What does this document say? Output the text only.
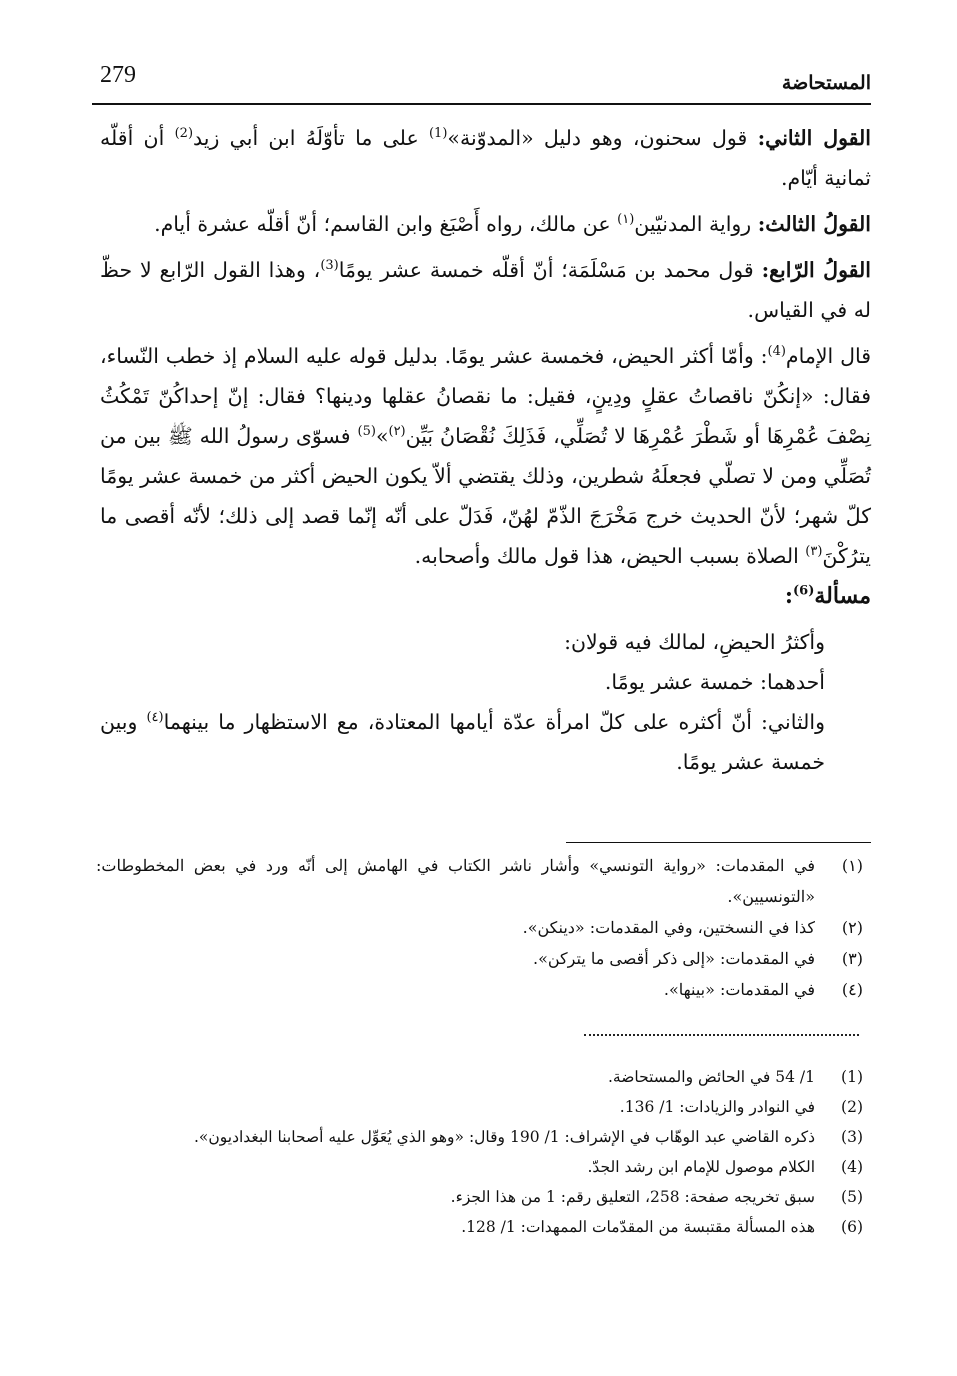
279	المستحاضة

القول الثاني: قول سحنون، وهو دليل «المدوّنة»$^{(1)}$ على ما تأوّلَهُ ابن أبي زيد$^{(2)}$ أن أقلّه ثمانية أيّام.

القولُ الثالث: رواية المدنيّين$^{(١)}$ عن مالك، رواه أَصْبَغ وابن القاسم؛ أنّ أقلّه عشرة أيام.

القولُ الرّابع: قول محمد بن مَسْلَمَة؛ أنّ أقلّه خمسة عشر يومًا$^{(3)}$، وهذا القول الرّابع لا حظّ له في القياس.

قال الإمام$^{(4)}$: وأمّا أكثر الحيض، فخمسة عشر يومًا. بدليل قوله عليه السلام إذ خطب النّساء، فقال: «إنكُنّ ناقصاتُ عقلٍ ودِينٍ، فقيل: ما نقصانُ عقلها ودينها؟ فقال: إنّ إحداكُنّ تَمْكُثُ نِصْفَ عُمْرِهَا أو شَطْرَ عُمْرِهَا لا تُصَلِّي، فَذَلِكَ نُقْصَانُ بَيِّن$^{(٢)}$»$^{(5)}$ فسوّى رسولُ الله ﷺ بين من تُصَلِّي ومن لا تصلّي فجعلَهُ شطرين، وذلك يقتضي ألاّ يكون الحيض أكثر من خمسة عشر يومًا كلّ شهر؛ لأنّ الحديث خرج مَخْرَجَ الذّمّ لهُنّ، فَدَلّ على أنّه إنّما قصد إلى ذلك؛ لأنّه أقصى ما يترُكْنَ$^{(٣)}$ الصلاة بسبب الحيض، هذا قول مالك وأصحابه.

مسألة$^{(6)}$:

وأكثرُ الحيضِ، لمالك فيه قولان:

أحدهما: خمسة عشر يومًا.

والثاني: أنّ أكثره على كلّ امرأة عدّة أيامها المعتادة، مع الاستظهار ما بينهما$^{(٤)}$ وبين خمسة عشر يومًا.

(١)
في المقدمات: «رواية التونسي» وأشار ناشر الكتاب في الهامش إلى أنّه ورد في بعض المخطوطات: «التونسيين».
(٢)
كذا في النسختين، وفي المقدمات: «دينكن».
(٣)
في المقدمات: «إلى ذكر أقصى ما يتركن».
(٤)
في المقدمات: «بينها».
(1)
1/ 54 في الحائض والمستحاضة.
(2)
في النوادر والزيادات: 1/ 136.
(3)
ذكره القاضي عبد الوهّاب في الإشراف: 1/ 190 وقال: «وهو الذي يُعَوِّل عليه أصحابنا البغداديون».
(4)
الكلام موصول للإمام ابن رشد الجدّ.
(5)
سبق تخريجه صفحة: 258، التعليق رقم: 1 من هذا الجزء.
(6)
هذه المسألة مقتبسة من المقدّمات الممهدات: 1/ 128.
